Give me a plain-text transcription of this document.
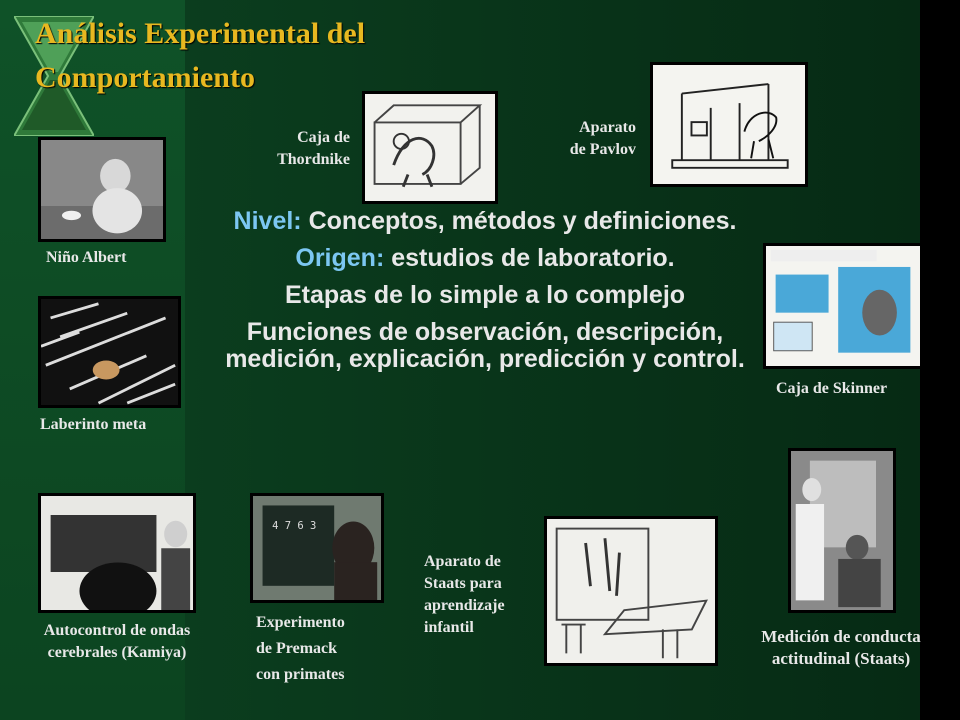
Análisis Experimental del
Comportamiento
4 7 6 3
Niño Albert
Laberinto meta
Caja de
Thordnike
Aparato
de Pavlov
Caja de Skinner
Autocontrol de ondas
cerebrales (Kamiya)
Experimento
de Premack
con primates
Aparato de
Staats para
aprendizaje
infantil	Medición de conducta
actitudinal (Staats)

Nivel: Conceptos, métodos y definiciones.

Origen: estudios de laboratorio.

Etapas de lo simple a lo complejo

Funciones de observación, descripción, medición, explicación, predicción y control.
